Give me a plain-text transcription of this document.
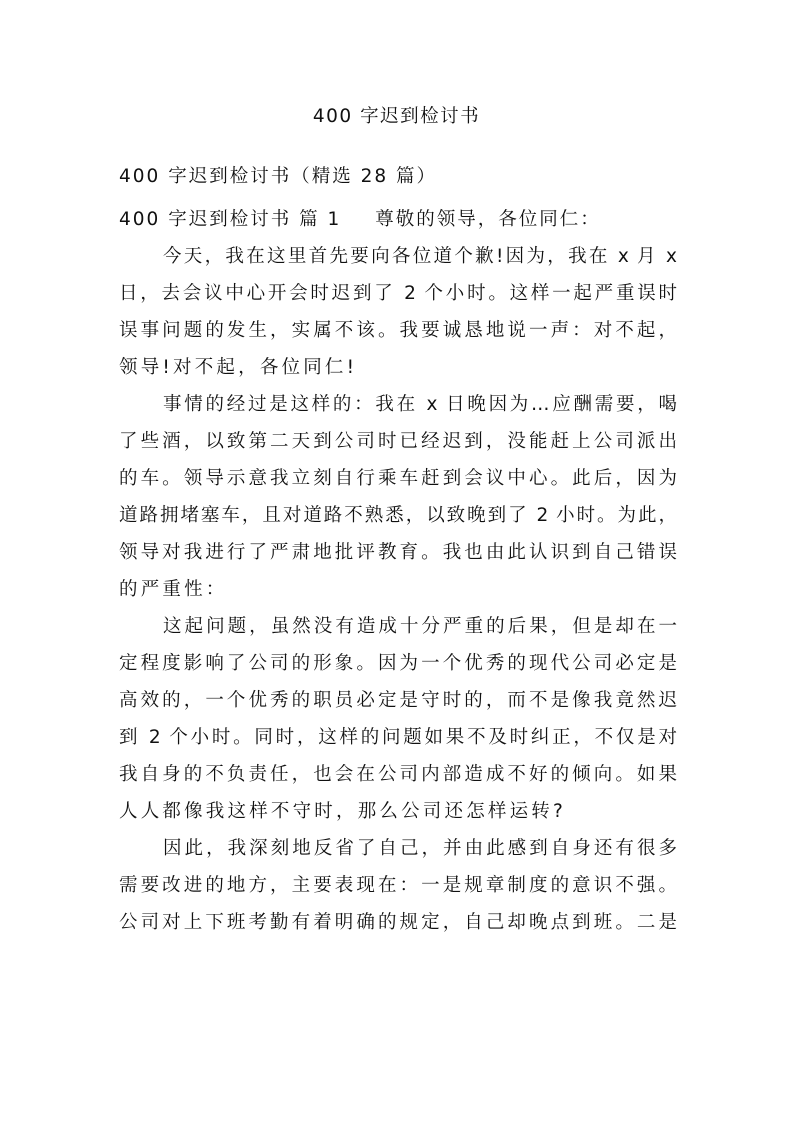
400 字迟到检讨书
400 字迟到检讨书（精选 28 篇）
400 字迟到检讨书 篇 1 尊敬的领导，各位同仁：
今天，我在这里首先要向各位道个歉!因为，我在 x 月 x
日，去会议中心开会时迟到了 2 个小时。这样一起严重误时
误事问题的发生，实属不该。我要诚恳地说一声：对不起，
领导!对不起，各位同仁!
事情的经过是这样的：我在 x 日晚因为…应酬需要，喝
了些酒，以致第二天到公司时已经迟到，没能赶上公司派出
的车。领导示意我立刻自行乘车赶到会议中心。此后，因为
道路拥堵塞车，且对道路不熟悉，以致晚到了 2 小时。为此，
领导对我进行了严肃地批评教育。我也由此认识到自己错误
的严重性：
这起问题，虽然没有造成十分严重的后果，但是却在一
定程度影响了公司的形象。因为一个优秀的现代公司必定是
高效的，一个优秀的职员必定是守时的，而不是像我竟然迟
到 2 个小时。同时，这样的问题如果不及时纠正，不仅是对
我自身的不负责任，也会在公司内部造成不好的倾向。如果
人人都像我这样不守时，那么公司还怎样运转?
因此，我深刻地反省了自己，并由此感到自身还有很多
需要改进的地方，主要表现在：一是规章制度的意识不强。
公司对上下班考勤有着明确的规定，自己却晚点到班。二是
